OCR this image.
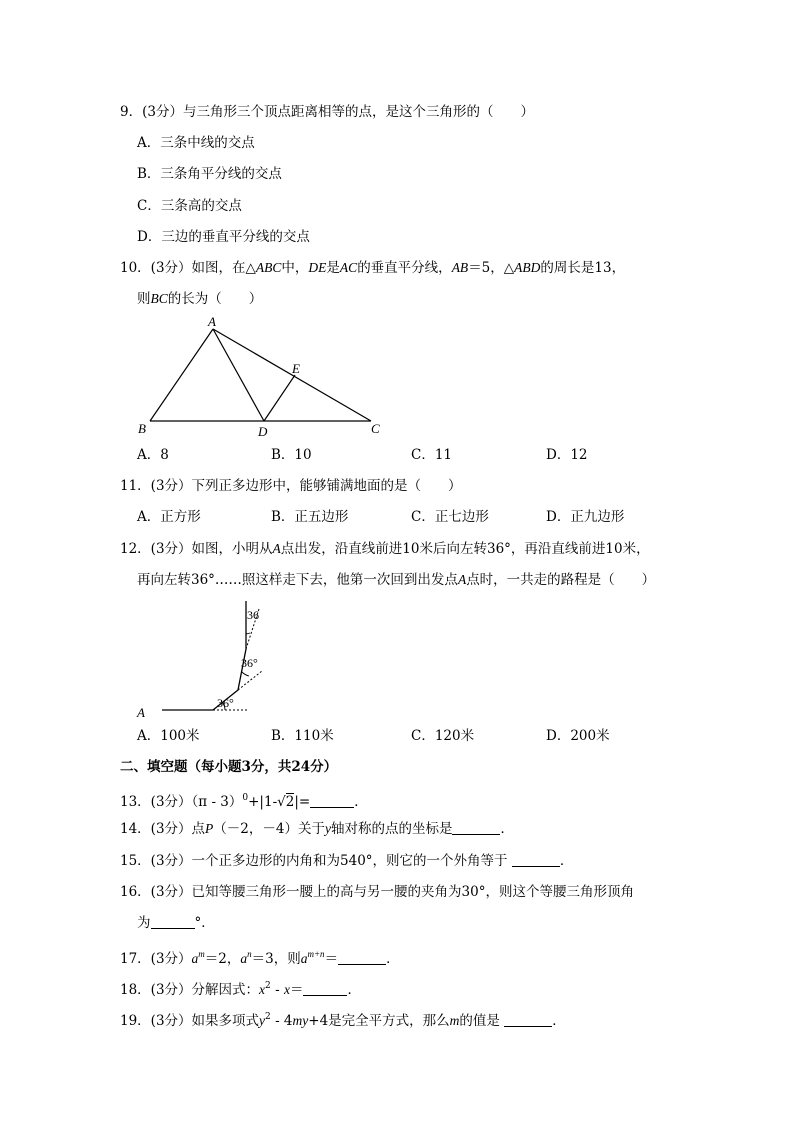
9．(3分）与三角形三个顶点距离相等的点，是这个三角形的（　　）
A．三条中线的交点
B．三条角平分线的交点
C．三条高的交点
D．三边的垂直平分线的交点
10．(3分）如图，在△ABC中，DE是AC的垂直平分线，AB＝5，△ABD的周长是13，
则BC的长为（　　）
A
B	C
D
E
A．8	B．10	C．11	D．12
11．(3分）下列正多边形中，能够铺满地面的是（　　）
A．正方形	B．正五边形	C．正七边形	D．正九边形
12．(3分）如图，小明从A点出发，沿直线前进10米后向左转36°，再沿直线前进10米，
再向左转36°……照这样走下去，他第一次回到出发点A点时，一共走的路程是（　　）
A
36°
36°
36
A．100米	B．110米	C．120米	D．200米
二、填空题（每小题3分，共24分）
13．(3分）（π - 3）$^0$+|1-√2|=	．
14．(3分）点P（－2，－4）关于y轴对称的点的坐标是	．
15．(3分）一个正多边形的内角和为540°，则它的一个外角等于	．
16．(3分）已知等腰三角形一腰上的高与另一腰的夹角为30°，则这个等腰三角形顶角
为	°．
17．(3分）$a^m=2$，$a^n=3$，则$a^{m+n}=$	．
18．(3分）分解因式：$x^2 - x=$	．
19．(3分）如果多项式$y^2 - 4my+4$是完全平方式，那么m的值是	．
